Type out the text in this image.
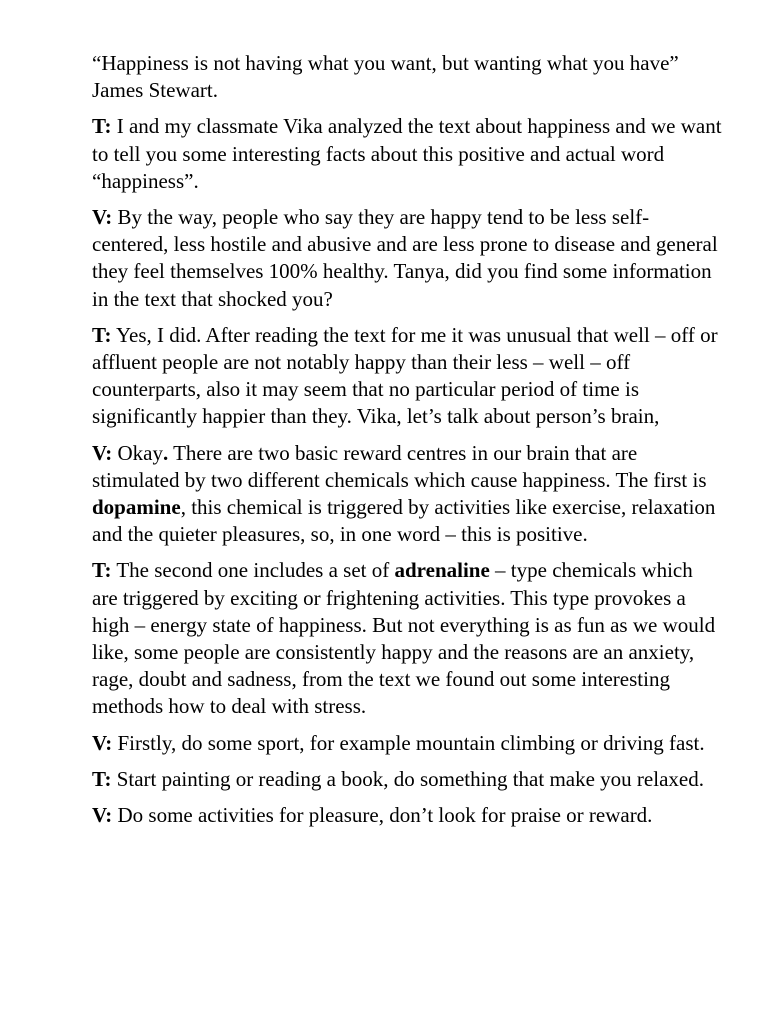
“Happiness is not having what you want, but wanting what you have” James Stewart.

T: I and my classmate Vika analyzed the text about happiness and we want to tell you some interesting facts about this positive and actual word “happiness”.

V: By the way, people who say they are happy tend to be less self-centered, less hostile and abusive and are less prone to disease and general they feel themselves 100% healthy. Tanya, did you find some information in the text that shocked you?

T: Yes, I did. After reading the text for me it was unusual that well – off or affluent people are not notably happy than their less – well – off counterparts, also it may seem that no particular period of time is significantly happier than they. Vika, let’s talk about person’s brain,

V: Okay. There are two basic reward centres in our brain that are stimulated by two different chemicals which cause happiness. The first is dopamine, this chemical is triggered by activities like exercise, relaxation and the quieter pleasures, so, in one word – this is positive.

T: The second one includes a set of adrenaline – type chemicals which are triggered by exciting or frightening activities. This type provokes a high – energy state of happiness. But not everything is as fun as we would like, some people are consistently happy and the reasons are an anxiety, rage, doubt and sadness, from the text we found out some interesting methods how to deal with stress.

V: Firstly, do some sport, for example mountain climbing or driving fast.

T: Start painting or reading a book, do something that make you relaxed.

V: Do some activities for pleasure, don’t look for praise or reward.
